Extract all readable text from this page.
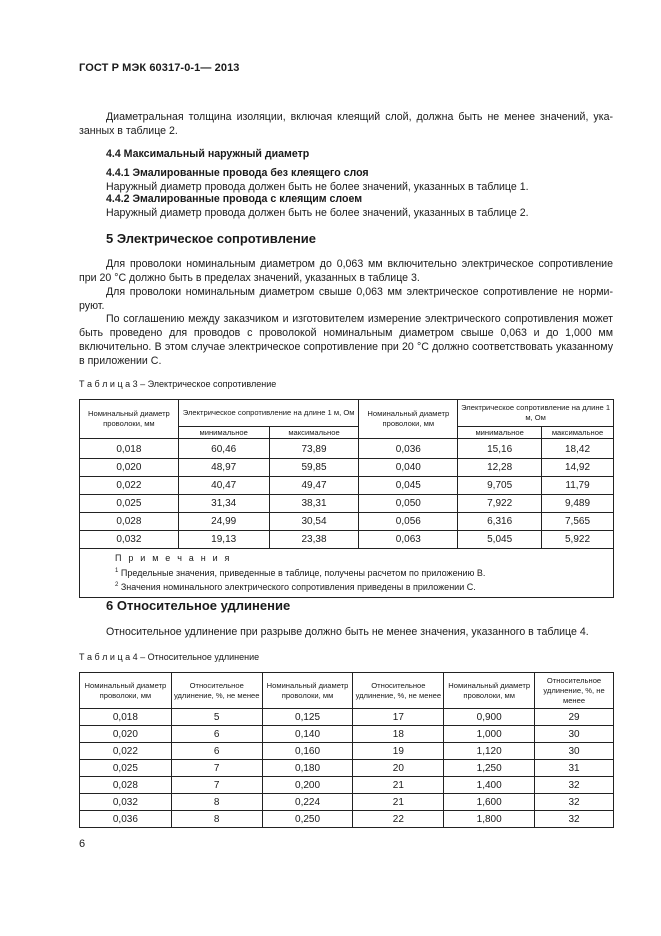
ГОСТ Р МЭК 60317-0-1— 2013
Диаметральная толщина изоляции, включая клеящий слой, должна быть не менее значений, указанных в таблице 2.
4.4 Максимальный наружный диаметр
4.4.1 Эмалированные провода без клеящего слоя
Наружный диаметр провода должен быть не более значений, указанных в таблице 1.
4.4.2 Эмалированные провода с клеящим слоем
Наружный диаметр провода должен быть не более значений, указанных в таблице 2.
5 Электрическое сопротивление
Для проволоки номинальным диаметром до 0,063 мм включительно электрическое сопротивление при 20 °С должно быть в пределах значений, указанных в таблице 3.
Для проволоки номинальным диаметром свыше 0,063 мм электрическое сопротивление не нормируют.
По соглашению между заказчиком и изготовителем измерение электрического сопротивления может быть проведено для проводов с проволокой номинальным диаметром свыше 0,063 и до 1,000 мм включительно. В этом случае электрическое сопротивление при 20 °С должно соответствовать указанному в приложении С.
Т а б л и ц а 3 – Электрическое сопротивление
Номинальный диаметр проволоки, мм	Электрическое сопротивление на длине 1 м, Ом		Номинальный диаметр проволоки, мм	Электрическое сопротивление на длине 1 м, Ом	
	минимальное	максимальное		минимальное	максимальное
0,018	60,46	73,89	0,036	15,16	18,42
0,020	48,97	59,85	0,040	12,28	14,92
0,022	40,47	49,47	0,045	9,705	11,79
0,025	31,34	38,31	0,050	7,922	9,489
0,028	24,99	30,54	0,056	6,316	7,565
0,032	19,13	23,38	0,063	5,045	5,922

П р и м е ч а н и я
$^1$ Предельные значения, приведенные в таблице, получены расчетом по приложению В.
$^2$ Значения номинального электрического сопротивления приведены в приложении С.					
6 Относительное удлинение
Относительное удлинение при разрыве должно быть не менее значения, указанного в таблице 4.
Т а б л и ц а 4 – Относительное удлинение
Номинальный диаметр проволоки, мм	Относительное удлинение, %, не менее	Номинальный диаметр проволоки, мм	Относительное удлинение, %, не менее	Номинальный диаметр проволоки, мм	Относительное удлинение, %, не менее
0,018	5	0,125	17	0,900	29
0,020	6	0,140	18	1,000	30
0,022	6	0,160	19	1,120	30
0,025	7	0,180	20	1,250	31
0,028	7	0,200	21	1,400	32
0,032	8	0,224	21	1,600	32
0,036	8	0,250	22	1,800	32
6
